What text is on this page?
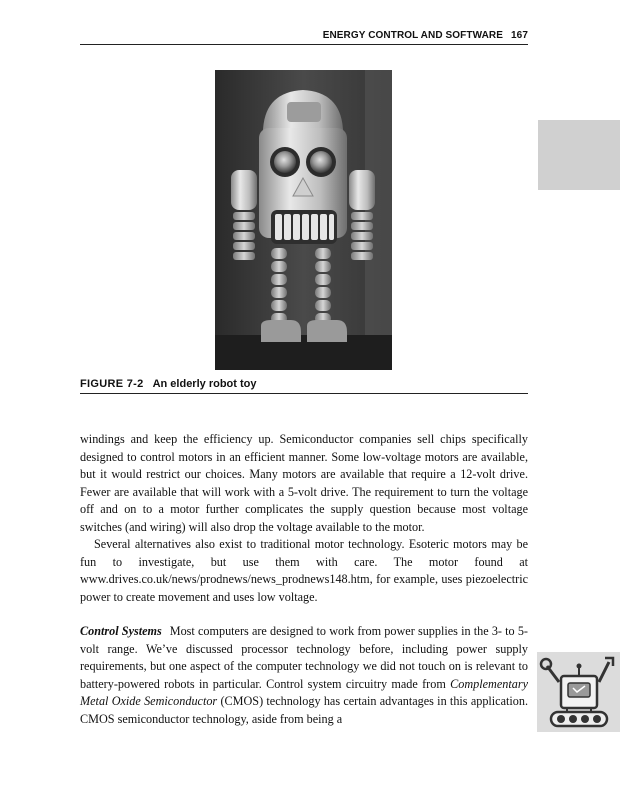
ENERGY CONTROL AND SOFTWARE 167
FIGURE 7-2 An elderly robot toy

windings and keep the efficiency up. Semiconductor companies sell chips specifically designed to control motors in an efficient manner. Some low-voltage motors are available, but it would restrict our choices. Many motors are available that require a 12-volt drive. Fewer are available that will work with a 5-volt drive. The requirement to turn the voltage off and on to a motor further complicates the supply question because most voltage switches (and wiring) will also drop the voltage available to the motor.

Several alternatives also exist to traditional motor technology. Esoteric motors may be fun to investigate, but use them with care. The motor found at www.drives.co.uk/news/prodnews/news_prodnews148.htm, for example, uses piezoelectric power to create movement and uses low voltage.

Control Systems Most computers are designed to work from power supplies in the 3- to 5-volt range. We’ve discussed processor technology before, including power supply requirements, but one aspect of the computer technology we did not touch on is relevant to battery-powered robots in particular. Control system circuitry made from Complementary Metal Oxide Semiconductor (CMOS) technology has certain advantages in this application. CMOS semiconductor technology, aside from being a
